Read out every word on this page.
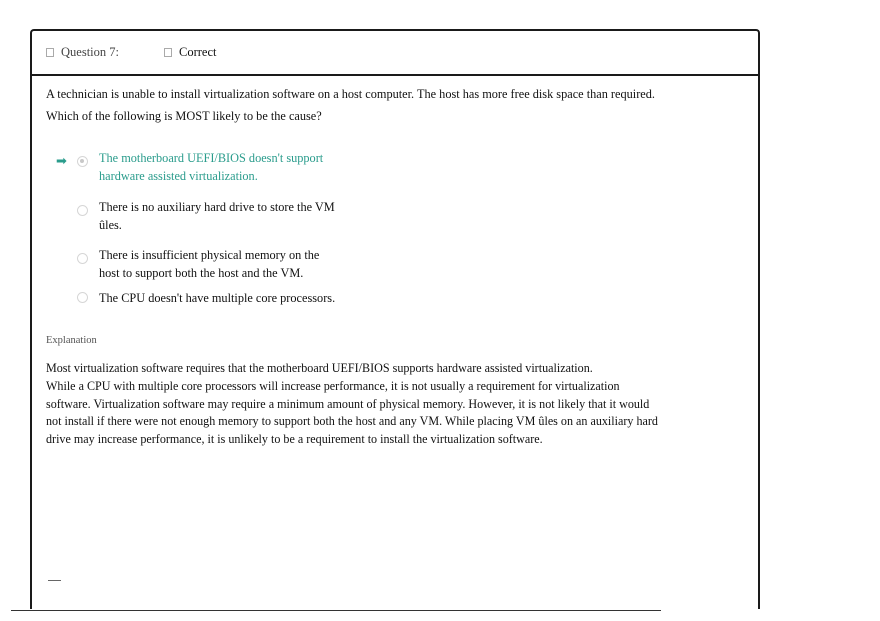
Question 7:	Correct
A technician is unable to install virtualization software on a host computer. The host has more free disk space than required.
Which of the following is MOST likely to be the cause?
➡	The motherboard UEFI/BIOS doesn't support
hardware assisted virtualization.
There is no auxiliary hard drive to store the VM
ûles.
There is insufficient physical memory on the
host to support both the host and the VM.
The CPU doesn't have multiple core processors.
Explanation
Most virtualization software requires that the motherboard UEFI/BIOS supports hardware assisted virtualization.
While a CPU with multiple core processors will increase performance, it is not usually a requirement for virtualization
software. Virtualization software may require a minimum amount of physical memory. However, it is not likely that it would
not install if there were not enough memory to support both the host and any VM. While placing VM ûles on an auxiliary hard
drive may increase performance, it is unlikely to be a requirement to install the virtualization software.
